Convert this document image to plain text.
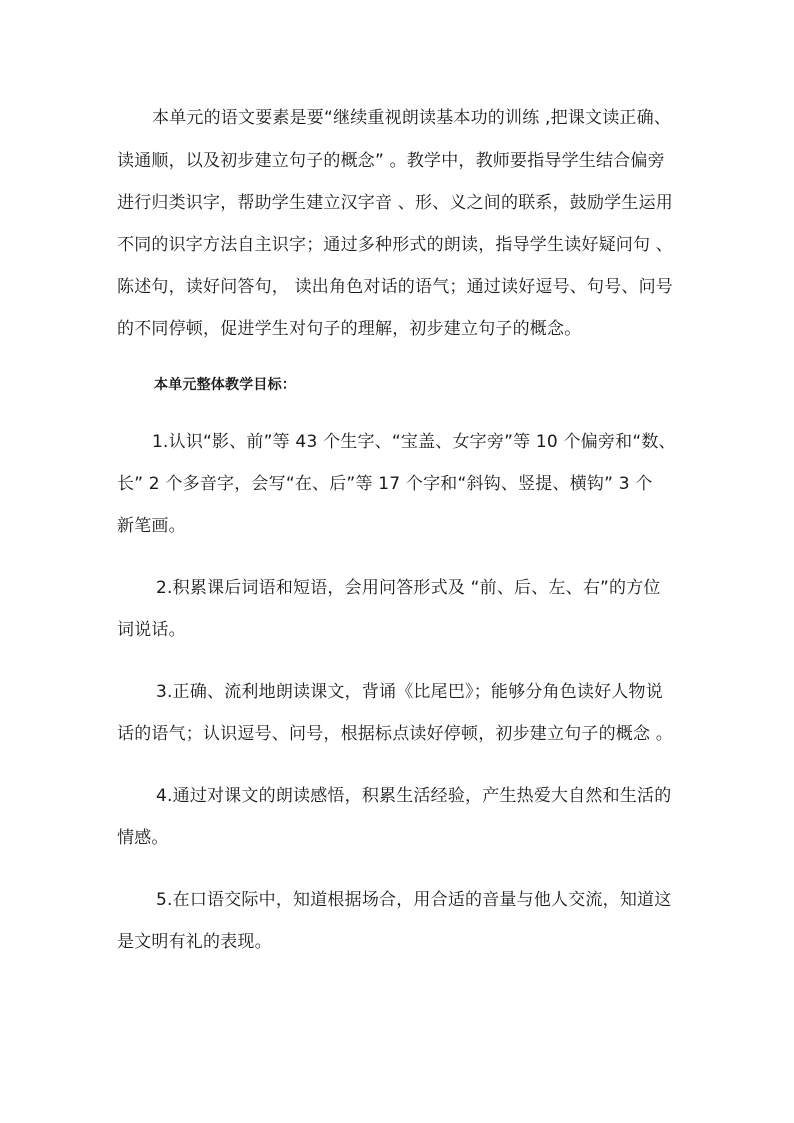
本单元的语文要素是要“继续重视朗读基本功的训练 ,把课文读正确、

读通顺，以及初步建立句子的概念” 。教学中，教师要指导学生结合偏旁

进行归类识字，帮助学生建立汉字音 、形、义之间的联系，鼓励学生运用

不同的识字方法自主识字；通过多种形式的朗读，指导学生读好疑问句 、

陈述句，读好问答句， 读出角色对话的语气；通过读好逗号、句号、问号

的不同停顿，促进学生对句子的理解，初步建立句子的概念。

本单元整体教学目标：

1.认识“影、前”等 43 个生字、“宝盖、女字旁”等 10 个偏旁和“数、

长” 2 个多音字，会写“在、后”等 17 个字和“斜钩、竖提、横钩” 3 个

新笔画。

2.积累课后词语和短语，会用问答形式及 “前、后、左、右”的方位

词说话。

3.正确、流利地朗读课文，背诵《比尾巴》；能够分角色读好人物说

话的语气；认识逗号、问号，根据标点读好停顿，初步建立句子的概念 。

4.通过对课文的朗读感悟，积累生活经验，产生热爱大自然和生活的

情感。

5.在口语交际中，知道根据场合，用合适的音量与他人交流，知道这

是文明有礼的表现。
